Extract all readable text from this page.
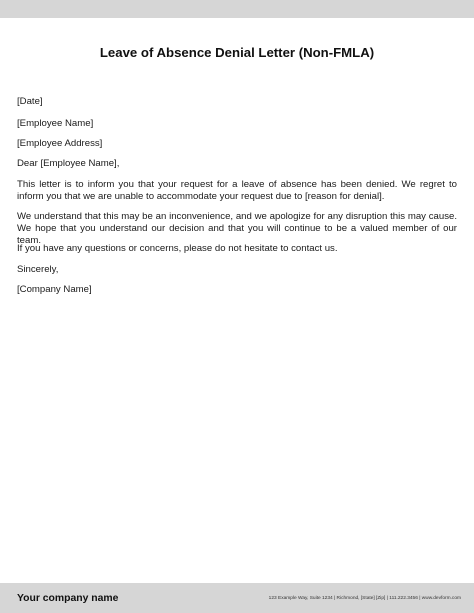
Leave of Absence Denial Letter (Non-FMLA)

[Date]

[Employee Name]

[Employee Address]

Dear [Employee Name],

This letter is to inform you that your request for a leave of absence has been denied. We regret to inform you that we are unable to accommodate your request due to [reason for denial].

We understand that this may be an inconvenience, and we apologize for any disruption this may cause. We hope that you understand our decision and that you will continue to be a valued member of our team.

If you have any questions or concerns, please do not hesitate to contact us.

Sincerely,

[Company Name]

Your company name	123 Example Way, Suite 1234 | Richmond, [State] [Zip] | 111.222.3456 | www.devform.com
